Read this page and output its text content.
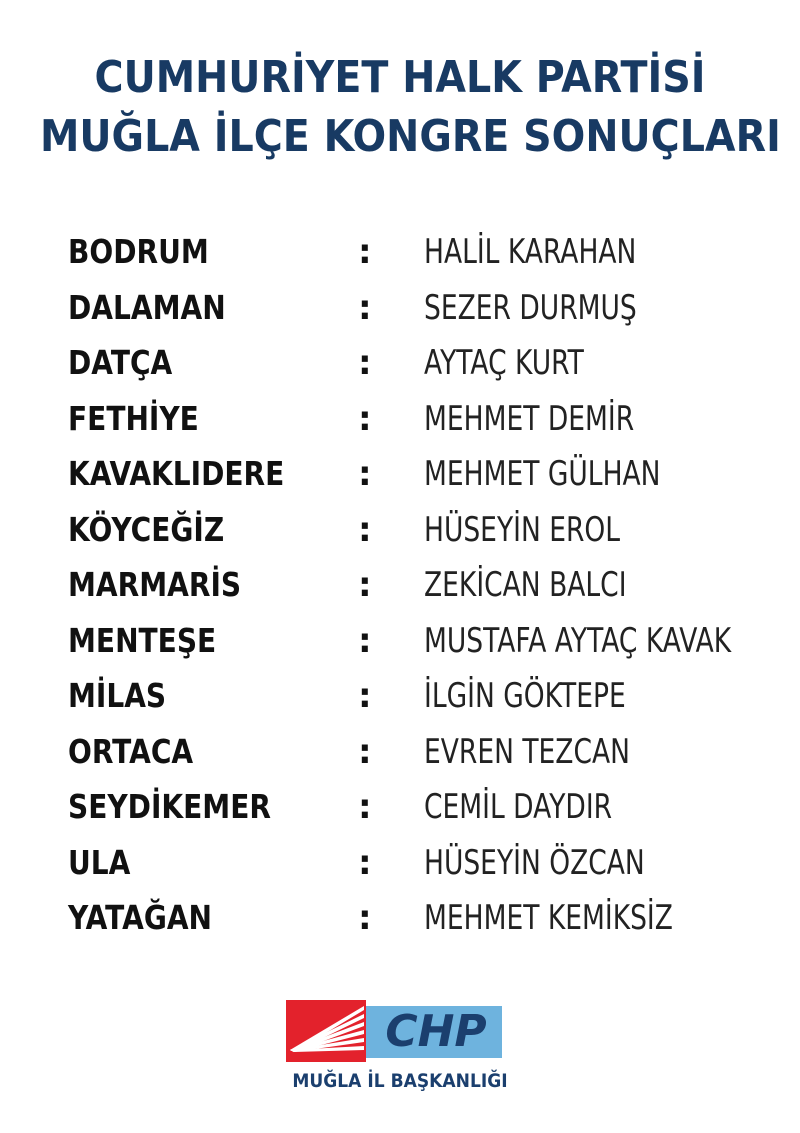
CUMHURİYET HALK PARTİSİ
MUĞLA İLÇE KONGRE SONUÇLARI
BODRUM	: HALİL KARAHAN
DALAMAN	: SEZER DURMUŞ
DATÇA	: AYTAÇ KURT
FETHİYE	: MEHMET DEMİR
KAVAKLIDERE : MEHMET GÜLHAN
KÖYCEĞİZ	: HÜSEYİN EROL
MARMARİS	: ZEKİCAN BALCI
MENTEŞE	: MUSTAFA AYTAÇ KAVAK
MİLAS	: İLGİN GÖKTEPE
ORTACA	: EVREN TEZCAN
SEYDİKEMER	: CEMİL DAYDIR
ULA	: HÜSEYİN ÖZCAN
YATAĞAN	: MEHMET KEMİKSİZ
CHP
MUĞLA İL BAŞKANLIĞI
